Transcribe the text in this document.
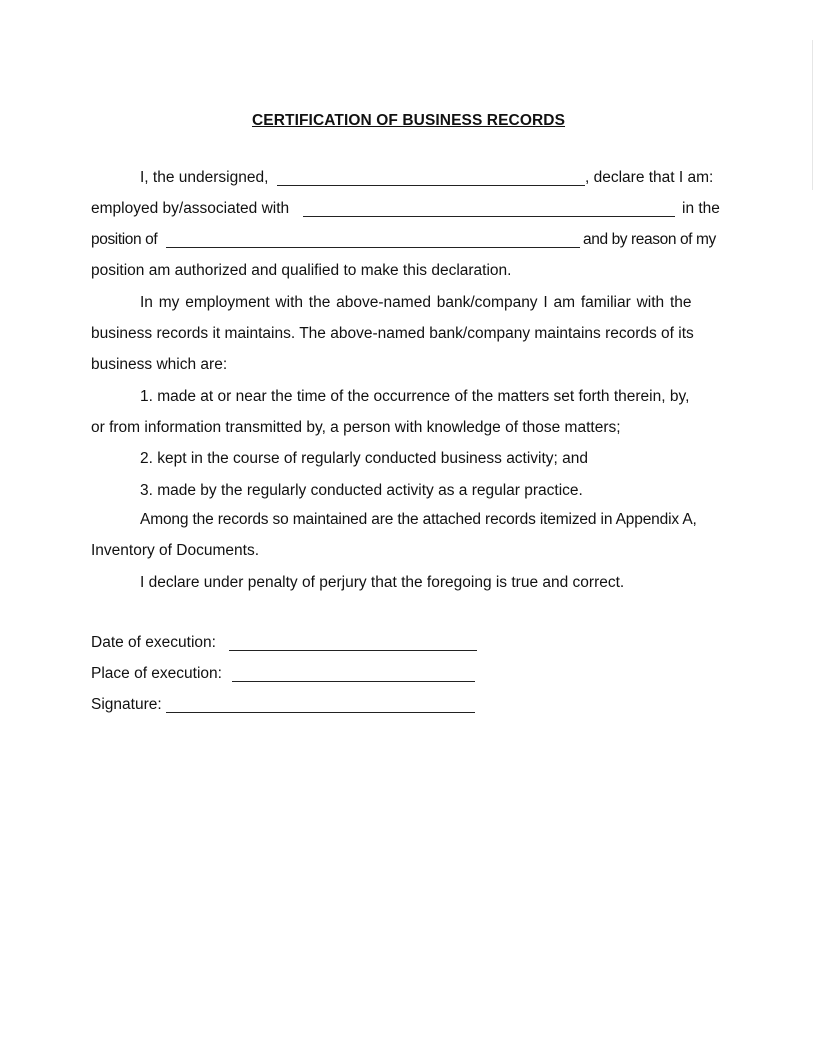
CERTIFICATION OF BUSINESS RECORDS
I, the undersigned,	, declare that I am:
employed by/associated with	in the
position of	and by reason of my
position am authorized and qualified to make this declaration.
In my employment with the above-named bank/company I am familiar with the
business records it maintains. The above-named bank/company maintains records of its
business which are:
1. made at or near the time of the occurrence of the matters set forth therein, by,
or from information transmitted by, a person with knowledge of those matters;
2. kept in the course of regularly conducted business activity; and
3. made by the regularly conducted activity as a regular practice.
Among the records so maintained are the attached records itemized in Appendix A,
Inventory of Documents.
I declare under penalty of perjury that the foregoing is true and correct.
Date of execution:
Place of execution:
Signature:
